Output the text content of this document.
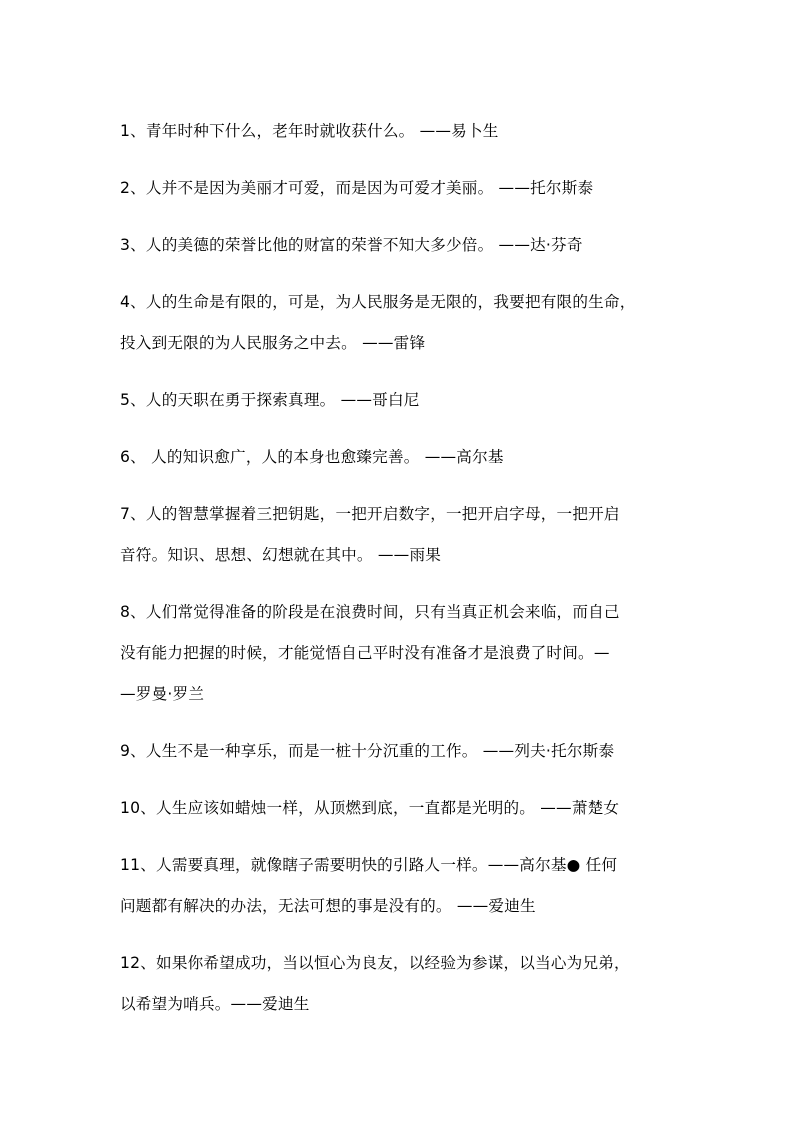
1、青年时种下什么，老年时就收获什么。 ——易卜生
2、人并不是因为美丽才可爱，而是因为可爱才美丽。 ——托尔斯泰
3、人的美德的荣誉比他的财富的荣誉不知大多少倍。 ——达·芬奇
4、人的生命是有限的，可是，为人民服务是无限的，我要把有限的生命，
投入到无限的为人民服务之中去。 ——雷锋
5、人的天职在勇于探索真理。 ——哥白尼
6、 人的知识愈广，人的本身也愈臻完善。 ——高尔基
7、人的智慧掌握着三把钥匙，一把开启数字，一把开启字母，一把开启
音符。知识、思想、幻想就在其中。 ——雨果
8、人们常觉得准备的阶段是在浪费时间，只有当真正机会来临，而自己
没有能力把握的时候，才能觉悟自己平时没有准备才是浪费了时间。—
—罗曼·罗兰
9、人生不是一种享乐，而是一桩十分沉重的工作。 ——列夫·托尔斯泰
10、人生应该如蜡烛一样，从顶燃到底，一直都是光明的。 ——萧楚女
11、人需要真理，就像瞎子需要明快的引路人一样。——高尔基● 任何
问题都有解决的办法，无法可想的事是没有的。 ——爱迪生
12、如果你希望成功，当以恒心为良友，以经验为参谋，以当心为兄弟，
以希望为哨兵。——爱迪生
